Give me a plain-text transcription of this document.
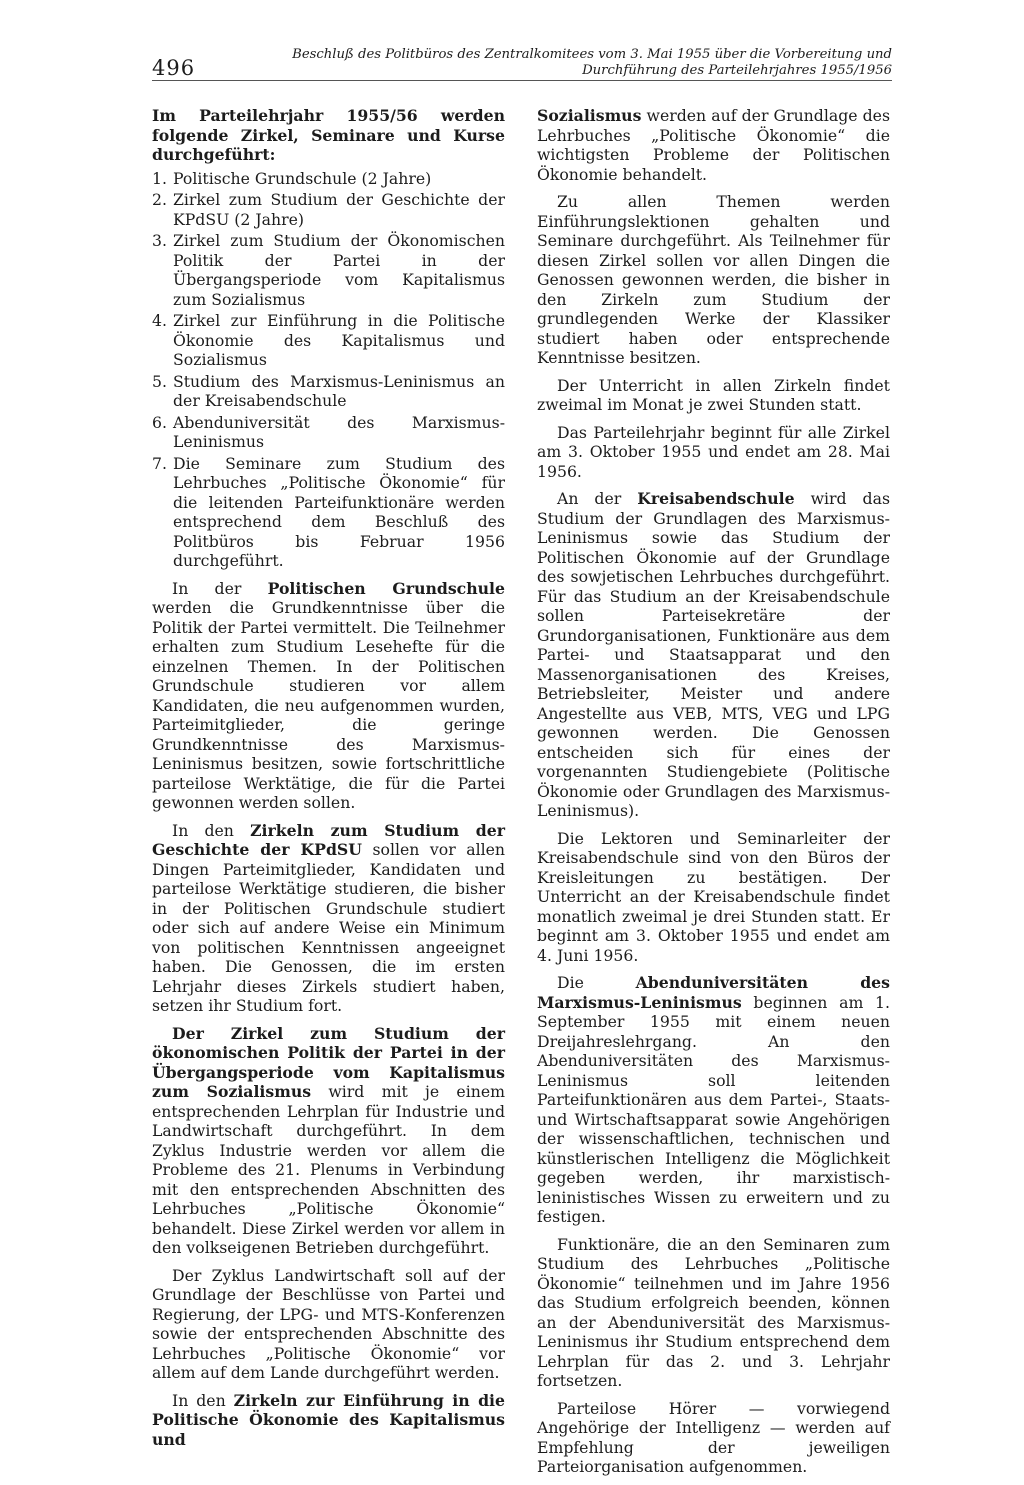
496
Beschluß des Politbüros des Zentralkomitees vom 3. Mai 1955 über die Vorbereitung und
Durchführung des Parteilehrjahres 1955/1956

Im Parteilehrjahr 1955/56 werden folgende Zirkel, Seminare und Kurse durchgeführt:

1. Politische Grundschule (2 Jahre)
2. Zirkel zum Studium der Geschichte der KPdSU (2 Jahre)
3. Zirkel zum Studium der Ökonomischen Politik der Partei in der Übergangsperiode vom Kapitalismus zum Sozialismus
4. Zirkel zur Einführung in die Politische Ökonomie des Kapitalismus und Sozialismus
5. Studium des Marxismus-Leninismus an der Kreisabendschule
6. Abenduniversität des Marxismus-Leninismus
7. Die Seminare zum Studium des Lehrbuches „Politische Ökonomie“ für die leitenden Parteifunktionäre werden entsprechend dem Beschluß des Politbüros bis Februar 1956 durchgeführt.

In der Politischen Grundschule werden die Grundkenntnisse über die Politik der Partei vermittelt. Die Teilnehmer erhalten zum Studium Lesehefte für die einzelnen Themen. In der Politischen Grundschule studieren vor allem Kandidaten, die neu aufgenommen wurden, Parteimitglieder, die geringe Grundkenntnisse des Marxismus-Leninismus besitzen, sowie fortschrittliche parteilose Werktätige, die für die Partei gewonnen werden sollen.

In den Zirkeln zum Studium der Geschichte der KPdSU sollen vor allen Dingen Parteimitglieder, Kandidaten und parteilose Werktätige studieren, die bisher in der Politischen Grundschule studiert oder sich auf andere Weise ein Minimum von politischen Kenntnissen angeeignet haben. Die Genossen, die im ersten Lehrjahr dieses Zirkels studiert haben, setzen ihr Studium fort.

Der Zirkel zum Studium der ökonomischen Politik der Partei in der Übergangsperiode vom Kapitalismus zum Sozialismus wird mit je einem entsprechenden Lehrplan für Industrie und Landwirtschaft durchgeführt. In dem Zyklus Industrie werden vor allem die Probleme des 21. Plenums in Verbindung mit den entsprechenden Abschnitten des Lehrbuches „Politische Ökonomie“ behandelt. Diese Zirkel werden vor allem in den volkseigenen Betrieben durchgeführt.

Der Zyklus Landwirtschaft soll auf der Grundlage der Beschlüsse von Partei und Regierung, der LPG- und MTS-Konferenzen sowie der entsprechenden Abschnitte des Lehrbuches „Politische Ökonomie“ vor allem auf dem Lande durchgeführt werden.

In den Zirkeln zur Einführung in die Politische Ökonomie des Kapitalismus und

Sozialismus werden auf der Grundlage des Lehrbuches „Politische Ökonomie“ die wichtigsten Probleme der Politischen Ökonomie behandelt.

Zu allen Themen werden Einführungslektionen gehalten und Seminare durchgeführt. Als Teilnehmer für diesen Zirkel sollen vor allen Dingen die Genossen gewonnen werden, die bisher in den Zirkeln zum Studium der grundlegenden Werke der Klassiker studiert haben oder entsprechende Kenntnisse besitzen.

Der Unterricht in allen Zirkeln findet zweimal im Monat je zwei Stunden statt.

Das Parteilehrjahr beginnt für alle Zirkel am 3. Oktober 1955 und endet am 28. Mai 1956.

An der Kreisabendschule wird das Studium der Grundlagen des Marxismus-Leninismus sowie das Studium der Politischen Ökonomie auf der Grundlage des sowjetischen Lehrbuches durchgeführt. Für das Studium an der Kreisabendschule sollen Parteisekretäre der Grundorganisationen, Funktionäre aus dem Partei- und Staatsapparat und den Massenorganisationen des Kreises, Betriebsleiter, Meister und andere Angestellte aus VEB, MTS, VEG und LPG gewonnen werden. Die Genossen entscheiden sich für eines der vorgenannten Studiengebiete (Politische Ökonomie oder Grundlagen des Marxismus-Leninismus).

Die Lektoren und Seminarleiter der Kreisabendschule sind von den Büros der Kreisleitungen zu bestätigen. Der Unterricht an der Kreisabendschule findet monatlich zweimal je drei Stunden statt. Er beginnt am 3. Oktober 1955 und endet am 4. Juni 1956.

Die Abenduniversitäten des Marxismus-Leninismus beginnen am 1. September 1955 mit einem neuen Dreijahreslehrgang. An den Abenduniversitäten des Marxismus-Leninismus soll leitenden Parteifunktionären aus dem Partei-, Staats- und Wirtschaftsapparat sowie Angehörigen der wissenschaftlichen, technischen und künstlerischen Intelligenz die Möglichkeit gegeben werden, ihr marxistisch-leninistisches Wissen zu erweitern und zu festigen.

Funktionäre, die an den Seminaren zum Studium des Lehrbuches „Politische Ökonomie“ teilnehmen und im Jahre 1956 das Studium erfolgreich beenden, können an der Abenduniversität des Marxismus-Leninismus ihr Studium entsprechend dem Lehrplan für das 2. und 3. Lehrjahr fortsetzen.

Parteilose Hörer — vorwiegend Angehörige der Intelligenz — werden auf Empfehlung der jeweiligen Parteiorganisation aufgenommen.
